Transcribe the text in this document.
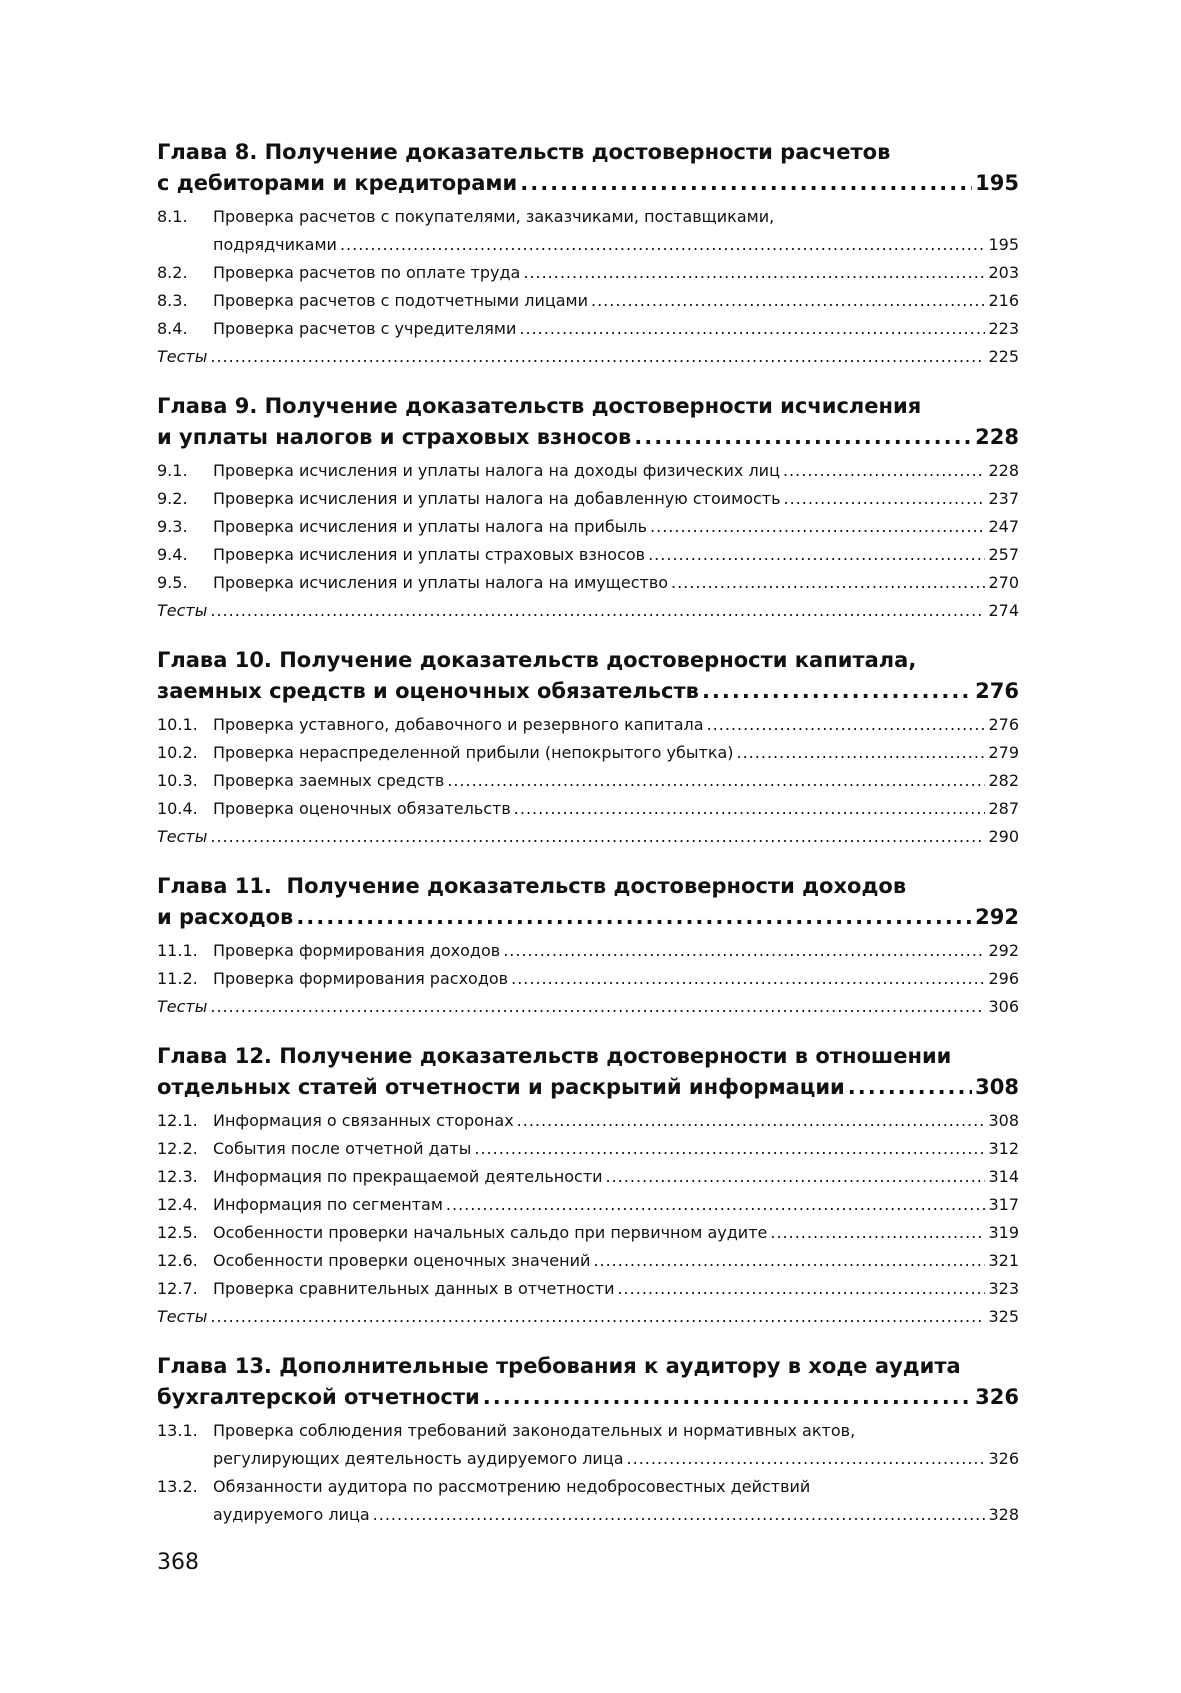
Глава 8. Получение доказательств достоверности расчетов
с дебиторами и кредиторами .....	195
8.1.	Проверка расчетов с покупателями, заказчиками, поставщиками,
подрядчиками .....	195
8.2.	Проверка расчетов по оплате труда .....	203
8.3.	Проверка расчетов с подотчетными лицами .....	216
8.4.	Проверка расчетов с учредителями .....	223
Тесты .....	225
Глава 9. Получение доказательств достоверности исчисления
и уплаты налогов и страховых взносов .....	228
9.1.	Проверка исчисления и уплаты налога на доходы физических лиц .....	228
9.2.	Проверка исчисления и уплаты налога на добавленную стоимость .....	237
9.3.	Проверка исчисления и уплаты налога на прибыль .....	247
9.4.	Проверка исчисления и уплаты страховых взносов .....	257
9.5.	Проверка исчисления и уплаты налога на имущество .....	270
Тесты .....	274
Глава 10. Получение доказательств достоверности капитала,
заемных средств и оценочных обязательств .....	276
10.1. Проверка уставного, добавочного и резервного капитала .....	276
10.2. Проверка нераспределенной прибыли (непокрытого убытка) .....	279
10.3. Проверка заемных средств .....	282
10.4. Проверка оценочных обязательств .....	287
Тесты .....	290
Глава 11.  Получение доказательств достоверности доходов
и расходов .....	292
11.1. Проверка формирования доходов .....	292
11.2. Проверка формирования расходов .....	296
Тесты .....	306
Глава 12. Получение доказательств достоверности в отношении
отдельных статей отчетности и раскрытий информации .....	308
12.1. Информация о связанных сторонах .....	308
12.2. События после отчетной даты .....	312
12.3. Информация по прекращаемой деятельности .....	314
12.4. Информация по сегментам .....	317
12.5. Особенности проверки начальных сальдо при первичном аудите .....	319
12.6. Особенности проверки оценочных значений .....	321
12.7. Проверка сравнительных данных в отчетности .....	323
Тесты .....	325
Глава 13. Дополнительные требования к аудитору в ходе аудита
бухгалтерской отчетности .....	326
13.1. Проверка соблюдения требований законодательных и нормативных актов,
регулирующих деятельность аудируемого лица .....	326
13.2. Обязанности аудитора по рассмотрению недобросовестных действий
аудируемого лица .....	328
368
